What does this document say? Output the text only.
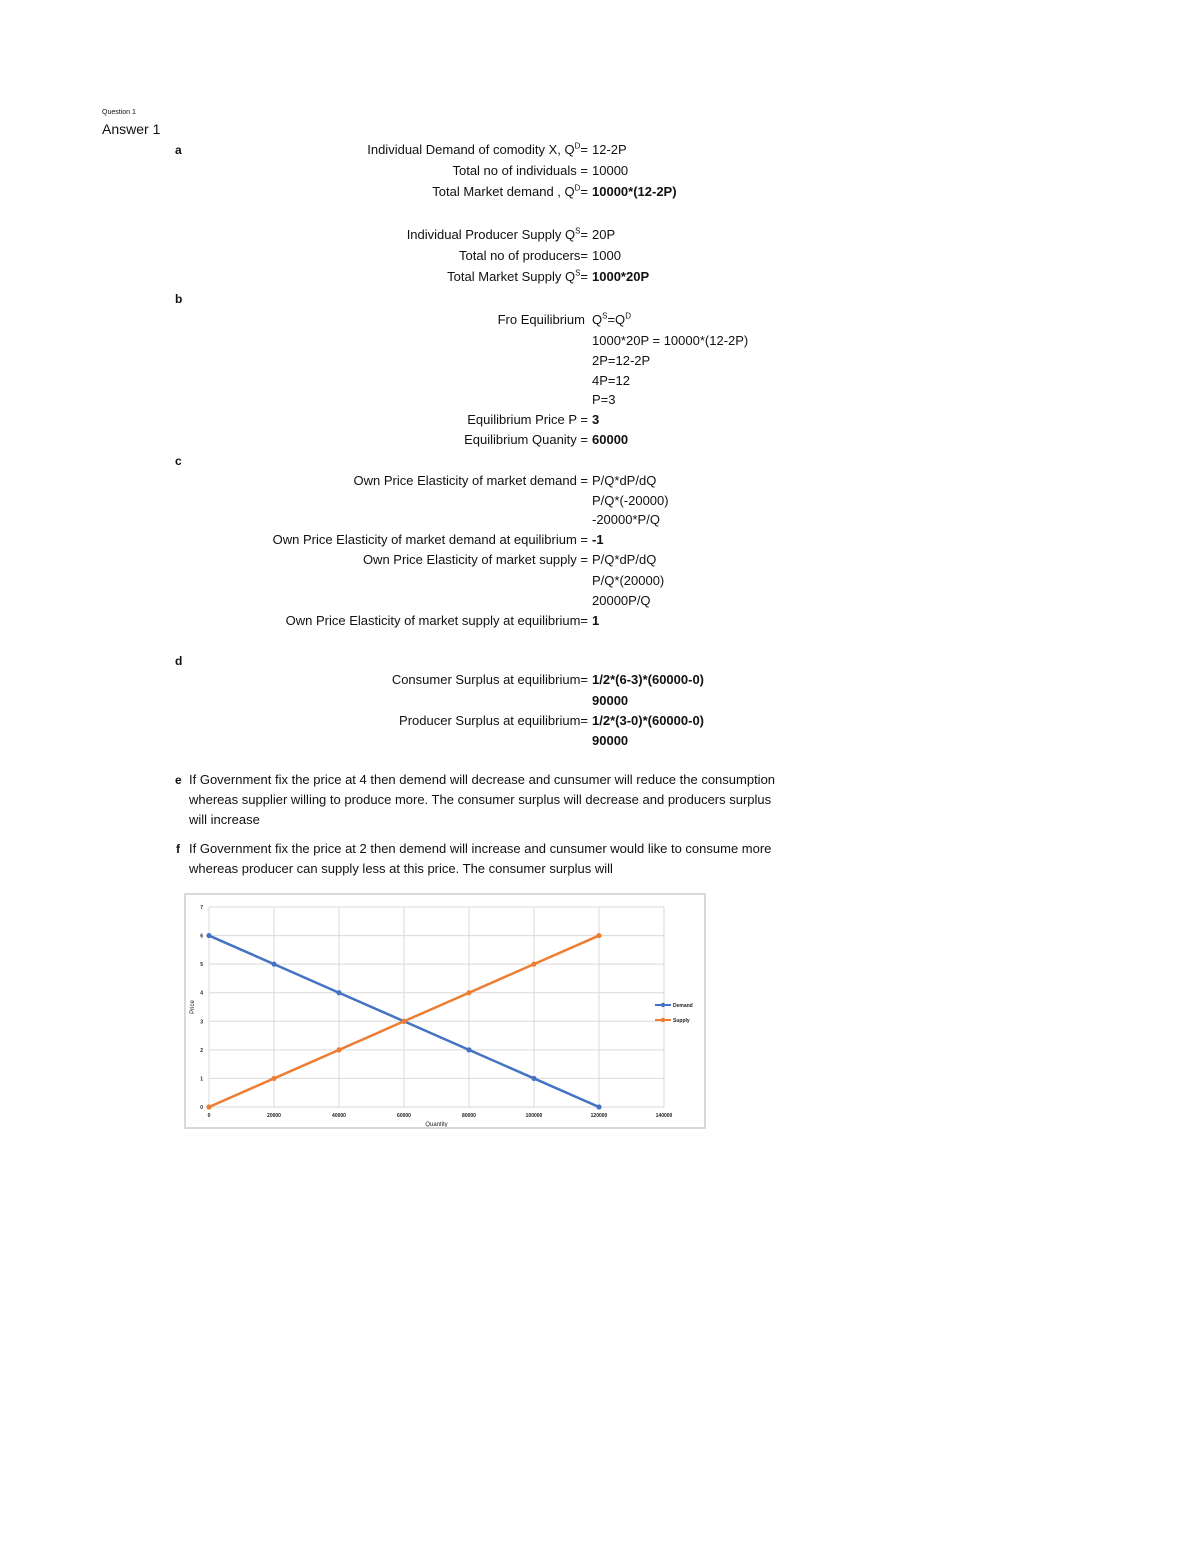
Question 1
Answer 1
a	Individual Demand of comodity X, $Q^D= 12-2P$
Total no of individuals = 10000
Total Market demand , $Q^D= 10000*(12-2P)$
Individual Producer Supply $Q^S= 20P$
Total no of producers= 1000
Total Market Supply $Q^S= 1000*20P$
b
Fro Equilibrium $Q^S=Q^D$
1000*20P = 10000*(12-2P)
2P=12-2P
4P=12
P=3
Equilibrium Price P = 3
Equilibrium Quanity = 60000
c
Own Price Elasticity of market demand = P/Q*dP/dQ
P/Q*(-20000)
-20000*P/Q
Own Price Elasticity of market demand at equilibrium = -1
Own Price Elasticity of market supply = P/Q*dP/dQ
P/Q*(20000)
20000P/Q
Own Price Elasticity of market supply at equilibrium= 1
d
Consumer Surplus at equilibrium= 1/2*(6-3)*(60000-0)
90000
Producer Surplus at equilibrium= 1/2*(3-0)*(60000-0)
90000
e If Government fix the price at 4 then demend will decrease and cunsumer will reduce the consumption whereas supplier willing to produce more. The consumer surplus will decrease and producers surplus will increase
f If Government fix the price at 2 then demend will increase and cunsumer would like to consume more whereas producer can supply less at this price. The consumer surplus will
0
1
2
3
4
5
6
7
0	20000	40000	60000	80000	100000	120000	140000
Quantity
Price	Demand
Supply
